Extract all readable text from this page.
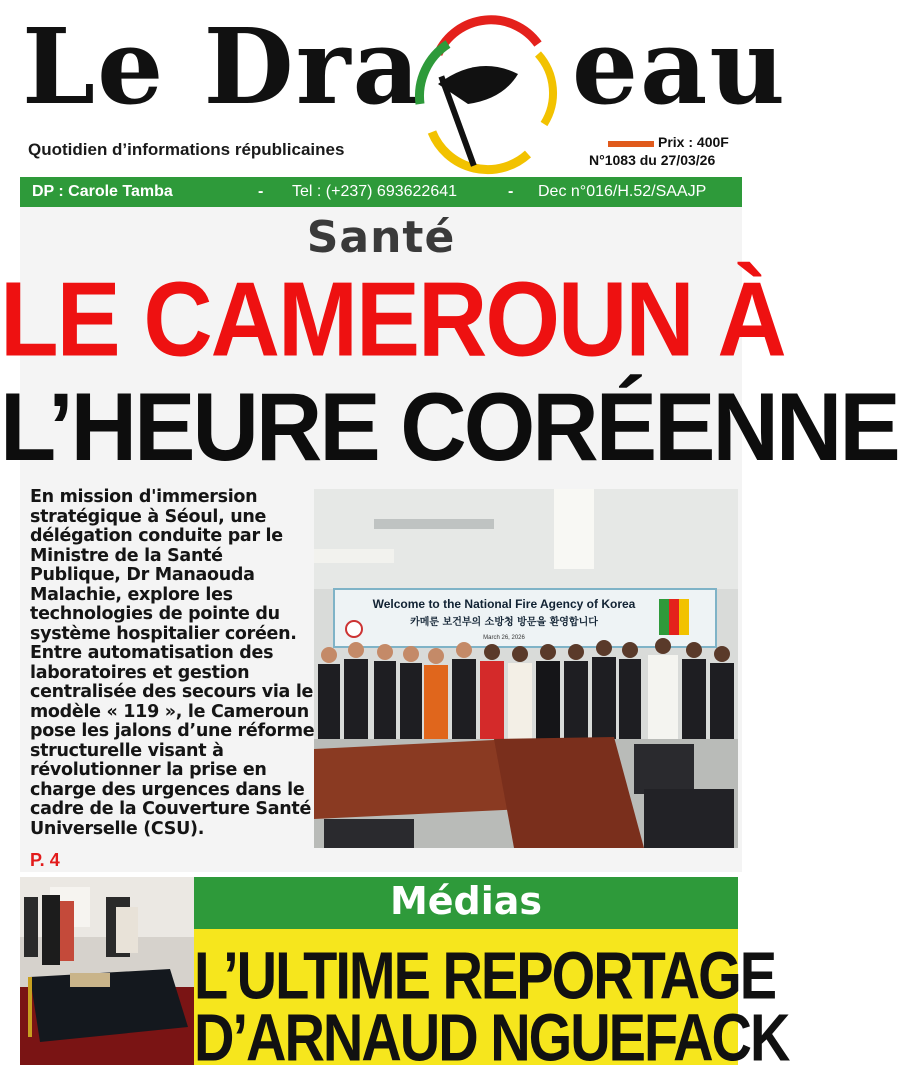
Le Dra eau
Quotidien d’informations républicaines	Prix : 400F
N°1083 du 27/03/26
DP : Carole Tamba	- Tel : (+237) 693622641	- Dec n°016/H.52/SAAJP
Santé
LE CAMEROUN À
L’HEURE CORÉENNE
En mission d'immersion stratégique à Séoul, une délégation conduite par le Ministre de la Santé Publique, Dr Manaouda Malachie, explore les technologies de pointe du système hospitalier coréen. Entre automatisation des laboratoires et gestion centralisée des secours via le modèle « 119 », le Cameroun pose les jalons d’une réforme structurelle visant à révolutionner la prise en charge des urgences dans le cadre de la Couverture Santé Universelle (CSU).
P. 4
Welcome to the National Fire Agency of Korea
카메룬 보건부의 소방청 방문을 환영합니다
March 26, 2026
Médias
L’ULTIME REPORTAGE
D’ARNAUD NGUEFACK
